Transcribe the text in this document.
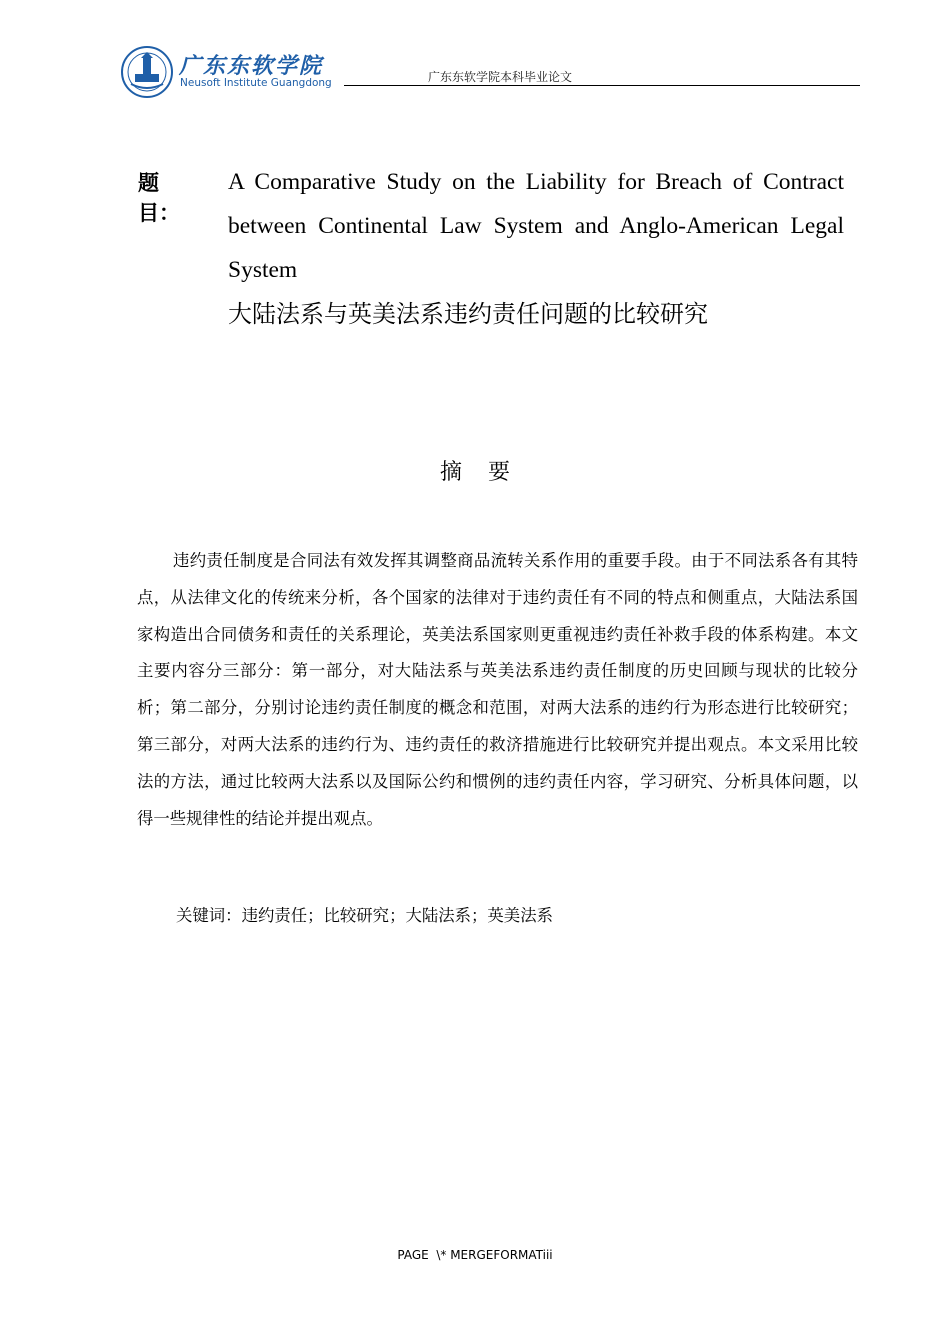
广东东软学院
Neusoft Institute Guangdong	广东东软学院本科毕业论文
题目：
A Comparative Study on the Liability for Breach of Contract between Continental Law System and Anglo-American Legal System
大陆法系与英美法系违约责任问题的比较研究
摘要
违约责任制度是合同法有效发挥其调整商品流转关系作用的重要手段。由于不同法系各有其特点，从法律文化的传统来分析，各个国家的法律对于违约责任有不同的特点和侧重点，大陆法系国家构造出合同债务和责任的关系理论，英美法系国家则更重视违约责任补救手段的体系构建。本文主要内容分三部分：第一部分，对大陆法系与英美法系违约责任制度的历史回顾与现状的比较分析；第二部分，分别讨论违约责任制度的概念和范围，对两大法系的违约行为形态进行比较研究；第三部分，对两大法系的违约行为、违约责任的救济措施进行比较研究并提出观点。本文采用比较法的方法，通过比较两大法系以及国际公约和惯例的违约责任内容，学习研究、分析具体问题，以得一些规律性的结论并提出观点。
关键词：违约责任；比较研究；大陆法系；英美法系
PAGE  \* MERGEFORMATiii
